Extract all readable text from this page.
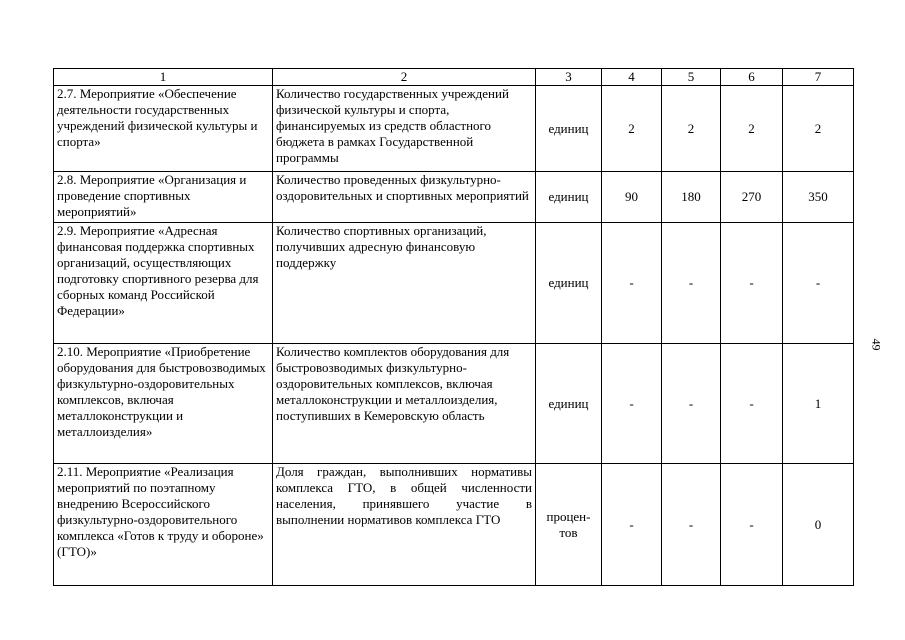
1	2	3	4	5	6	7
2.7. Мероприятие «Обеспечение деятельности государственных учреждений физической культуры и спорта»	Количество государственных учреждений физической культуры и спорта, финансируемых из средств областного бюджета в рамках Государственной программы	единиц	2	2	2	2
2.8. Мероприятие «Организация и проведение спортивных мероприятий»	Количество проведенных физкультурно-оздоровительных и спортивных мероприятий	единиц	90	180	270	350
2.9. Мероприятие «Адресная финансовая поддержка спортивных организаций, осуществляющих подготовку спортивного резерва для сборных команд Российской Федерации»	Количество спортивных организаций, получивших адресную финансовую поддержку	единиц	-	-	-	-
2.10. Мероприятие «Приобретение оборудования для быстровозводимых физкультурно-оздоровительных комплексов, включая металлоконструкции и металлоизделия»	Количество комплектов оборудования для быстровозводимых физкультурно-оздоровительных комплексов, включая металлоконструкции и металлоизделия, поступивших в Кемеровскую область	единиц	-	-	-	1
2.11. Мероприятие «Реализация мероприятий по поэтапному внедрению Всероссийского физкультурно-оздоровительного комплекса «Готов к труду и обороне» (ГТО)»	Доля граждан, выполнивших нормативы комплекса ГТО, в общей численности населения, принявшего участие в выполнении нормативов комплекса ГТО	процен-тов	-	-	-	0
49
